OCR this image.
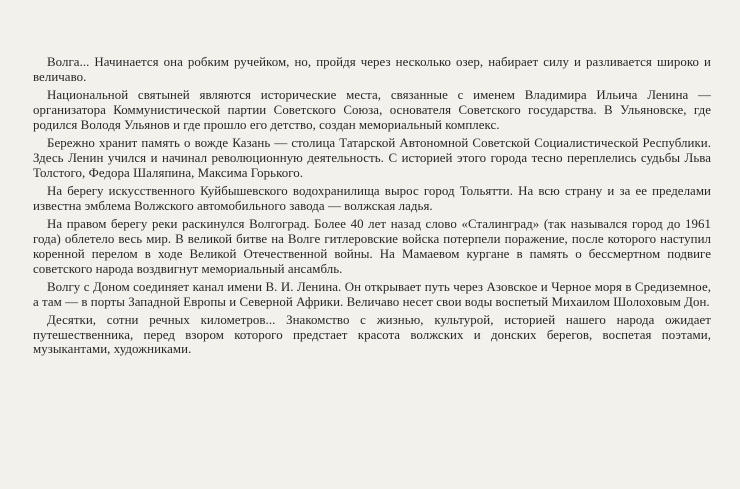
Волга... Начинается она робким ручейком, но, пройдя через несколько озер, набирает силу и разливается широко и величаво.

Национальной святыней являются исторические места, связанные с именем Владимира Ильича Ленина — организатора Коммунистической партии Советского Союза, основателя Советского государства. В Ульяновске, где родился Володя Ульянов и где прошло его детство, создан мемориальный комплекс.

Бережно хранит память о вожде Казань — столица Татарской Автономной Советской Социалистической Республики. Здесь Ленин учился и начинал революционную деятельность. С историей этого города тесно переплелись судьбы Льва Толстого, Федора Шаляпина, Максима Горького.

На берегу искусственного Куйбышевского водохранилища вырос город Тольятти. На всю страну и за ее пределами известна эмблема Волжского автомобильного завода — волжская ладья.

На правом берегу реки раскинулся Волгоград. Более 40 лет назад слово «Сталинград» (так назывался город до 1961 года) облетело весь мир. В великой битве на Волге гитлеровские войска потерпели поражение, после которого наступил коренной перелом в ходе Великой Отечественной войны. На Мамаевом кургане в память о бессмертном подвиге советского народа воздвигнут мемориальный ансамбль.

Волгу с Доном соединяет канал имени В. И. Ленина. Он открывает путь через Азовское и Черное моря в Средиземное, а там — в порты Западной Европы и Северной Африки. Величаво несет свои воды воспетый Михаилом Шолоховым Дон.

Десятки, сотни речных километров... Знакомство с жизнью, культурой, историей нашего народа ожидает путешественника, перед взором которого предстает красота волжских и донских берегов, воспетая поэтами, музыкантами, художниками.
